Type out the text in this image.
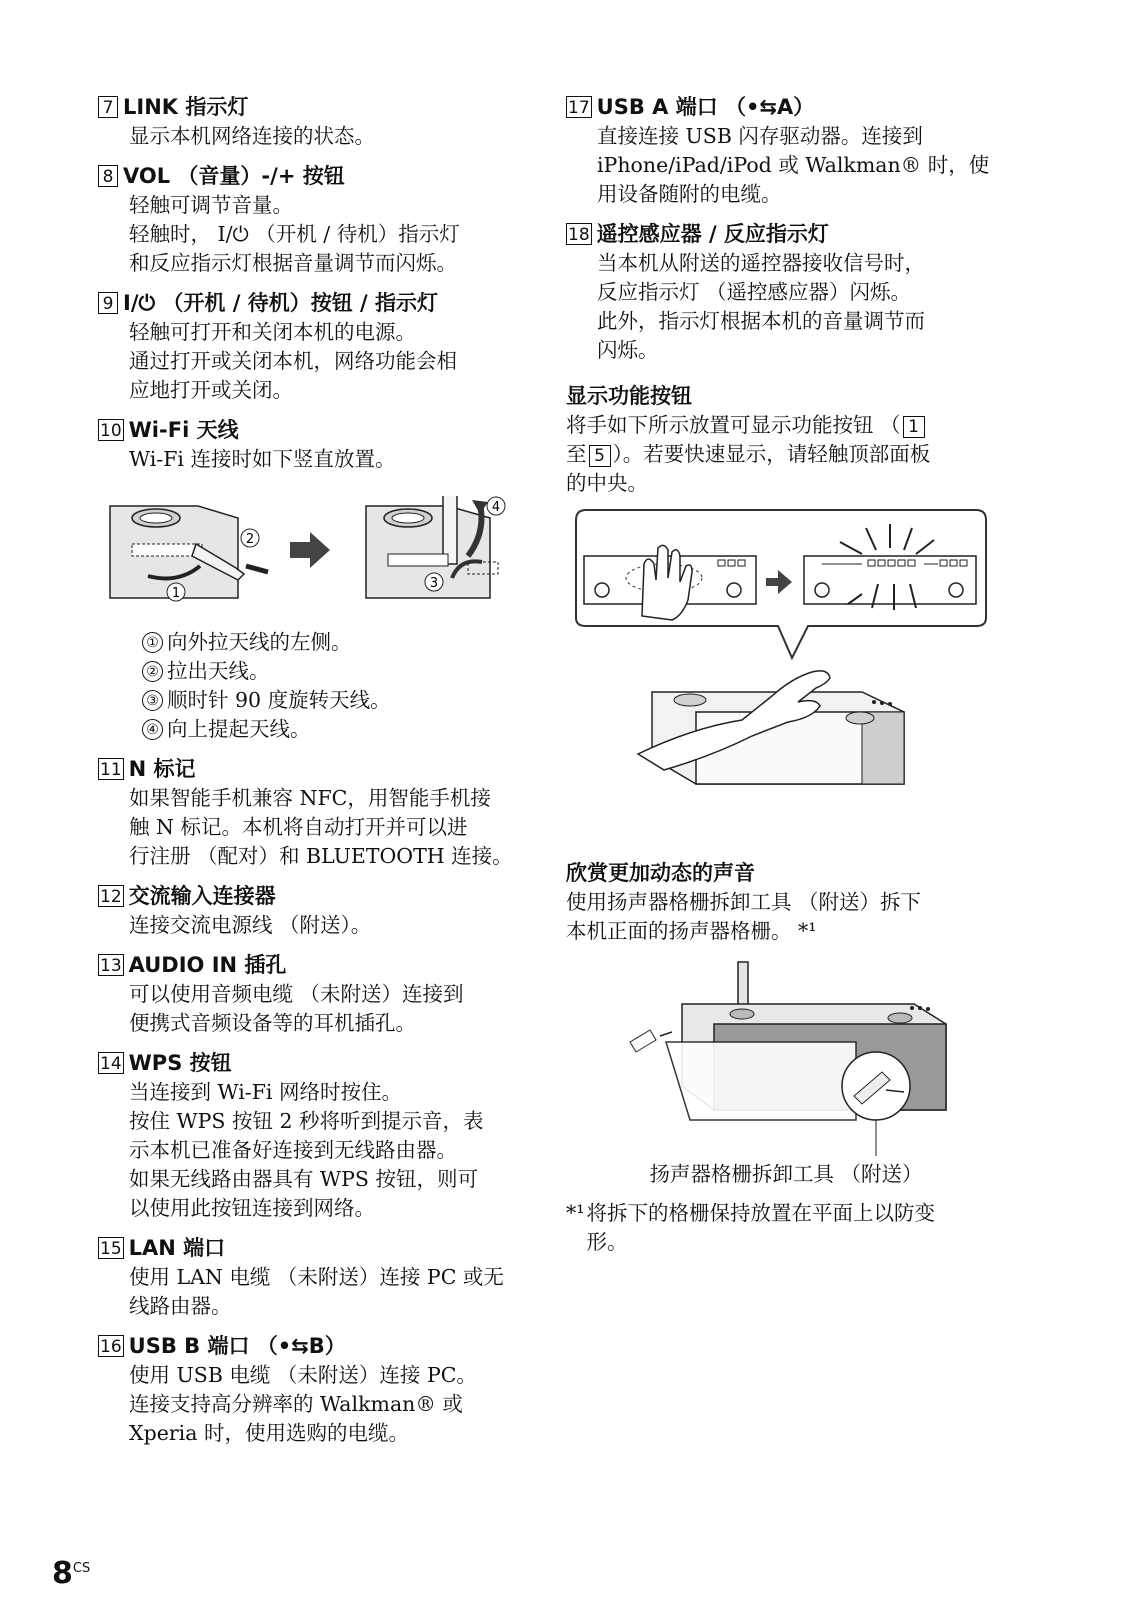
7 LINK 指示灯
显示本机网络连接的状态。
8 VOL （音量）-/+ 按钮
轻触可调节音量。
轻触时， I/⏻ （开机 / 待机）指示灯
和反应指示灯根据音量调节而闪烁。
9 I/⏻ （开机 / 待机）按钮 / 指示灯
轻触可打开和关闭本机的电源。
通过打开或关闭本机，网络功能会相
应地打开或关闭。
10 Wi-Fi 天线
Wi-Fi 连接时如下竖直放置。
2
1
4
3
① 向外拉天线的左侧。
② 拉出天线。
③ 顺时针 90 度旋转天线。
④ 向上提起天线。
11 N 标记
如果智能手机兼容 NFC，用智能手机接
触 N 标记。本机将自动打开并可以进
行注册 （配对）和 BLUETOOTH 连接。
12 交流输入连接器
连接交流电源线 （附送）。
13 AUDIO IN 插孔
可以使用音频电缆 （未附送）连接到
便携式音频设备等的耳机插孔。
14 WPS 按钮
当连接到 Wi-Fi 网络时按住。
按住 WPS 按钮 2 秒将听到提示音，表
示本机已准备好连接到无线路由器。
如果无线路由器具有 WPS 按钮，则可
以使用此按钮连接到网络。
15 LAN 端口
使用 LAN 电缆 （未附送）连接 PC 或无
线路由器。
16 USB B 端口 （•⇆B）
使用 USB 电缆 （未附送）连接 PC。
连接支持高分辨率的 Walkman® 或
Xperia 时，使用选购的电缆。
17 USB A 端口 （•⇆A）
直接连接 USB 闪存驱动器。连接到
iPhone/iPad/iPod 或 Walkman® 时，使
用设备随附的电缆。
18 遥控感应器 / 反应指示灯
当本机从附送的遥控器接收信号时，
反应指示灯 （遥控感应器）闪烁。
此外，指示灯根据本机的音量调节而
闪烁。
显示功能按钮
将手如下所示放置可显示功能按钮 （ 1
至 5 ）。若要快速显示，请轻触顶部面板
的中央。
欣赏更加动态的声音
使用扬声器格栅拆卸工具 （附送）拆下
本机正面的扬声器格栅。 *¹
扬声器格栅拆卸工具 （附送）
*¹ 将拆下的格栅保持放置在平面上以防变
形。
$8^{CS}$
